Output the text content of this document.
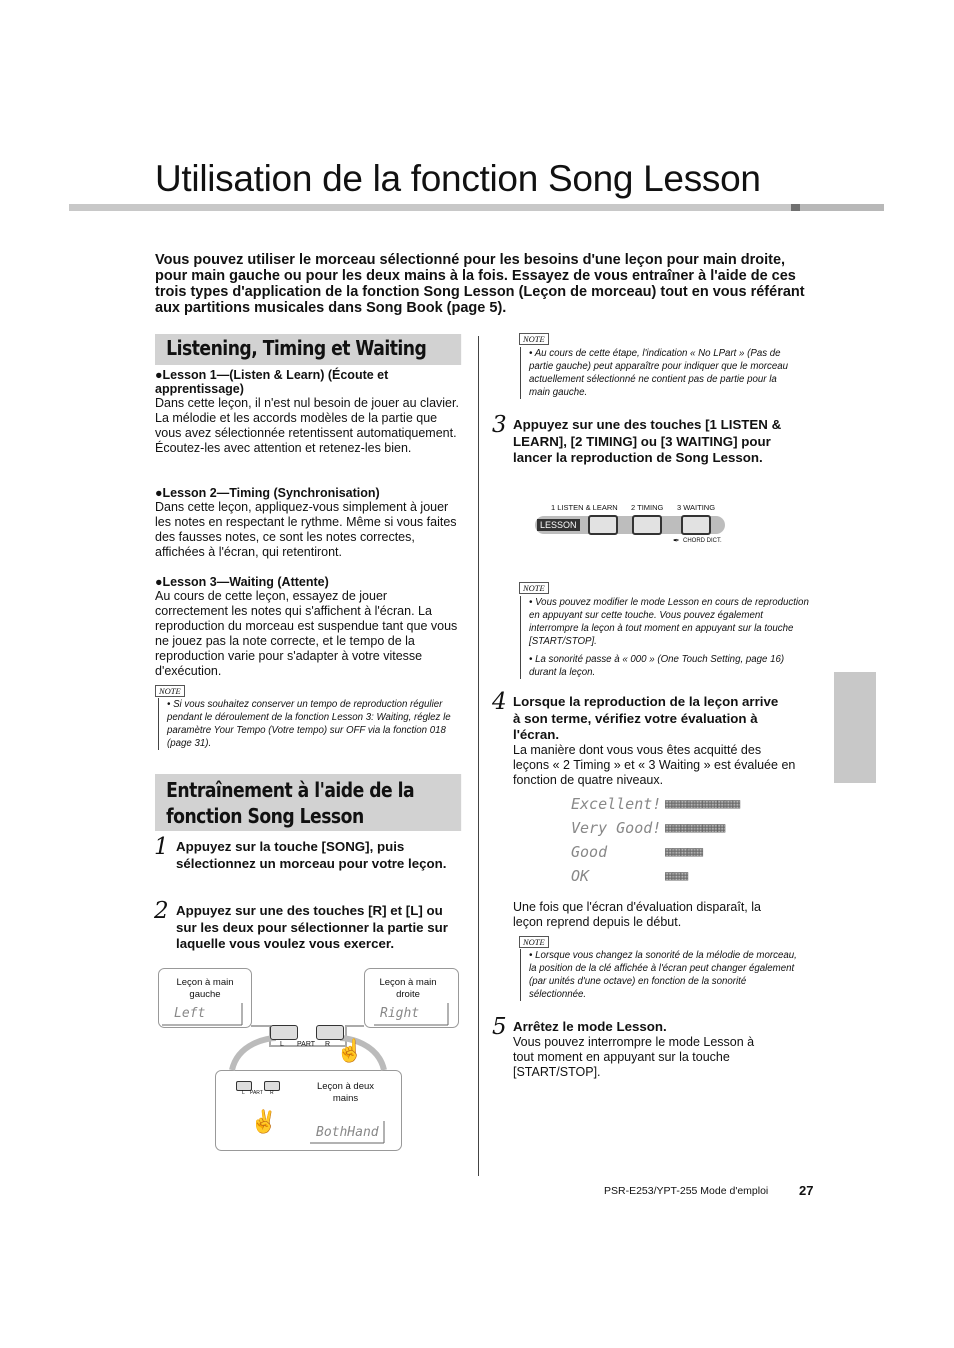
Utilisation de la fonction Song Lesson
Vous pouvez utiliser le morceau sélectionné pour les besoins d'une leçon pour main droite, pour main gauche ou pour les deux mains à la fois. Essayez de vous entraîner à l'aide de ces trois types d'application de la fonction Song Lesson (Leçon de morceau) tout en vous référant aux partitions musicales dans Song Book (page 5).
Listening, Timing et Waiting
●Lesson 1—(Listen & Learn) (Écoute et apprentissage)
Dans cette leçon, il n'est nul besoin de jouer au clavier. La mélodie et les accords modèles de la partie que vous avez sélectionnée retentissent automatiquement. Écoutez-les avec attention et retenez-les bien.
●Lesson 2—Timing (Synchronisation)
Dans cette leçon, appliquez-vous simplement à jouer les notes en respectant le rythme. Même si vous faites des fausses notes, ce sont les notes correctes, affichées à l'écran, qui retentiront.
●Lesson 3—Waiting (Attente)
Au cours de cette leçon, essayez de jouer correctement les notes qui s'affichent à l'écran. La reproduction du morceau est suspendue tant que vous ne jouez pas la note correcte, et le tempo de la reproduction varie pour s'adapter à votre vitesse d'exécution.
NOTE
• Si vous souhaitez conserver un tempo de reproduction régulier pendant le déroulement de la fonction Lesson 3: Waiting, réglez le paramètre Your Tempo (Votre tempo) sur OFF via la fonction 018 (page 31).
Entraînement à l'aide de la
fonction Song Lesson
1 Appuyez sur la touche [SONG], puis sélectionnez un morceau pour votre leçon.
2 Appuyez sur une des touches [R] et [L] ou sur les deux pour sélectionner la partie sur laquelle vous voulez vous exercer.
Leçon à main gauche
Left
Leçon à main droite
Right
L PART R ☝
L PART R
✌
Leçon à deux mains
BothHand
NOTE
• Au cours de cette étape, l'indication « No LPart » (Pas de partie gauche) peut apparaître pour indiquer que le morceau actuellement sélectionné ne contient pas de partie pour la main gauche.
3 Appuyez sur une des touches [1 LISTEN & LEARN], [2 TIMING] ou [3 WAITING] pour lancer la reproduction de Song Lesson.
1 LISTEN & LEARN 2 TIMING 3 WAITING
LESSON
✒ CHORD DICT.
NOTE
• Vous pouvez modifier le mode Lesson en cours de reproduction en appuyant sur cette touche. Vous pouvez également interrompre la leçon à tout moment en appuyant sur la touche [START/STOP].
• La sonorité passe à « 000 » (One Touch Setting, page 16) durant la leçon.
4 Lorsque la reproduction de la leçon arrive à son terme, vérifiez votre évaluation à l'écran.
La manière dont vous vous êtes acquitté des leçons « 2 Timing » et « 3 Waiting » est évaluée en fonction de quatre niveaux.
Excellent! ▦▦▦▦▦▦▦▦▦▦
Very Good! ▦▦▦▦▦▦▦▦
Good	▦▦▦▦▦
OK	▦▦▦
Une fois que l'écran d'évaluation disparaît, la leçon reprend depuis le début.
NOTE
• Lorsque vous changez la sonorité de la mélodie de morceau, la position de la clé affichée à l'écran peut changer également (par unités d'une octave) en fonction de la sonorité sélectionnée.
5 Arrêtez le mode Lesson.
Vous pouvez interrompre le mode Lesson à tout moment en appuyant sur la touche [START/STOP].
PSR-E253/YPT-255 Mode d'emploi 27
